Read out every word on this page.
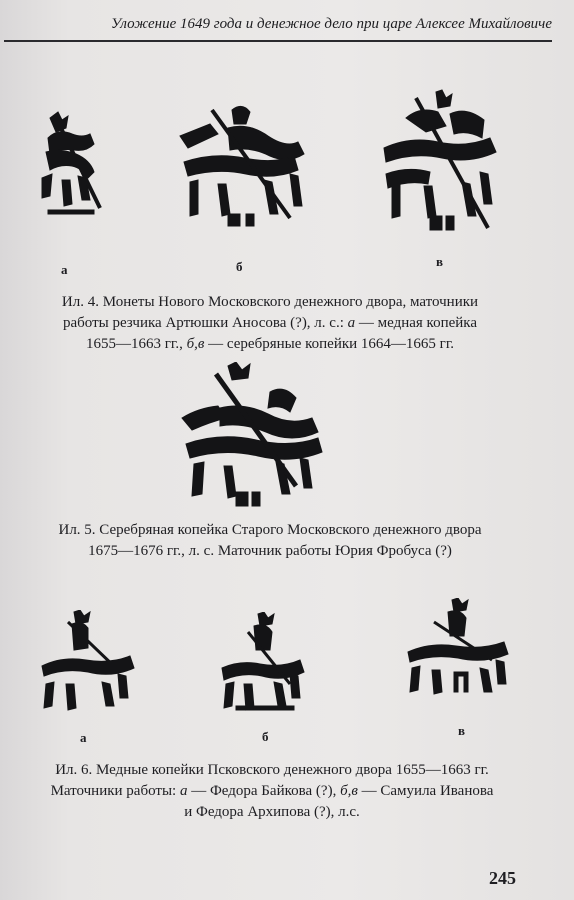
Уложение 1649 года и денежное дело при царе Алексее Михайловиче
а	б	в
Ил. 4. Монеты Нового Московского денежного двора, маточники
работы резчика Артюшки Аносова (?), л. с.: а — медная копейка
1655—1663 гг., б,в — серебряные копейки 1664—1665 гг.
Ил. 5. Серебряная копейка Старого Московского денежного двора
1675—1676 гг., л. с. Маточник работы Юрия Фробуса (?)
а	б	в
Ил. 6. Медные копейки Псковского денежного двора 1655—1663 гг.
Маточники работы: а — Федора Байкова (?), б,в — Самуила Иванова
и Федора Архипова (?), л.с.
245
